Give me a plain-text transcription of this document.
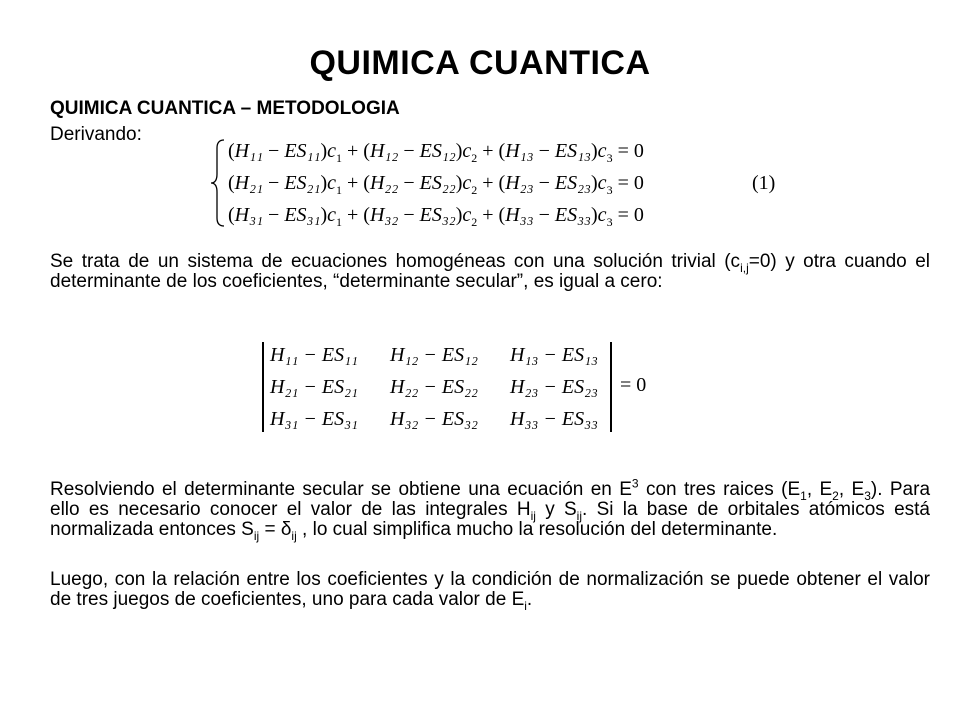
QUIMICA CUANTICA

QUIMICA CUANTICA – METODOLOGIA

Derivando:

$(H_{11} - ES_{11})c_1 + (H_{12} - ES_{12})c_2 + (H_{13} - ES_{13})c_3 = 0$
$(H_{21} - ES_{21})c_1 + (H_{22} - ES_{22})c_2 + (H_{23} - ES_{23})c_3 = 0$
$(H_{31} - ES_{31})c_1 + (H_{32} - ES_{32})c_2 + (H_{33} - ES_{33})c_3 = 0$
(1)

Se trata de un sistema de ecuaciones homogéneas con una solución trivial $(c_{i,j}=0)$ y otra cuando el determinante de los coeficientes, “determinante secular”, es igual a cero:

H₁₁ − ES₁₁ H₁₂ − ES₁₂ H₁₃ − ES₁₃
H₂₁ − ES₂₁ H₂₂ − ES₂₂ H₂₃ − ES₂₃
H₃₁ − ES₃₁ H₃₂ − ES₃₂ H₃₃ − ES₃₃
= 0

Resolviendo el determinante secular se obtiene una ecuación en $E^3$ con tres raices ($E_1$, $E_2$, $E_3$). Para ello es necesario conocer el valor de las integrales $H_{ij}$ y $S_{ij}$. Si la base de orbitales atómicos está normalizada entonces $S_{ij} = \delta_{ij}$ , lo cual simplifica mucho la resolución del determinante.

Luego, con la relación entre los coeficientes y la condición de normalización se puede obtener el valor de tres juegos de coeficientes, uno para cada valor de $E_i$.
